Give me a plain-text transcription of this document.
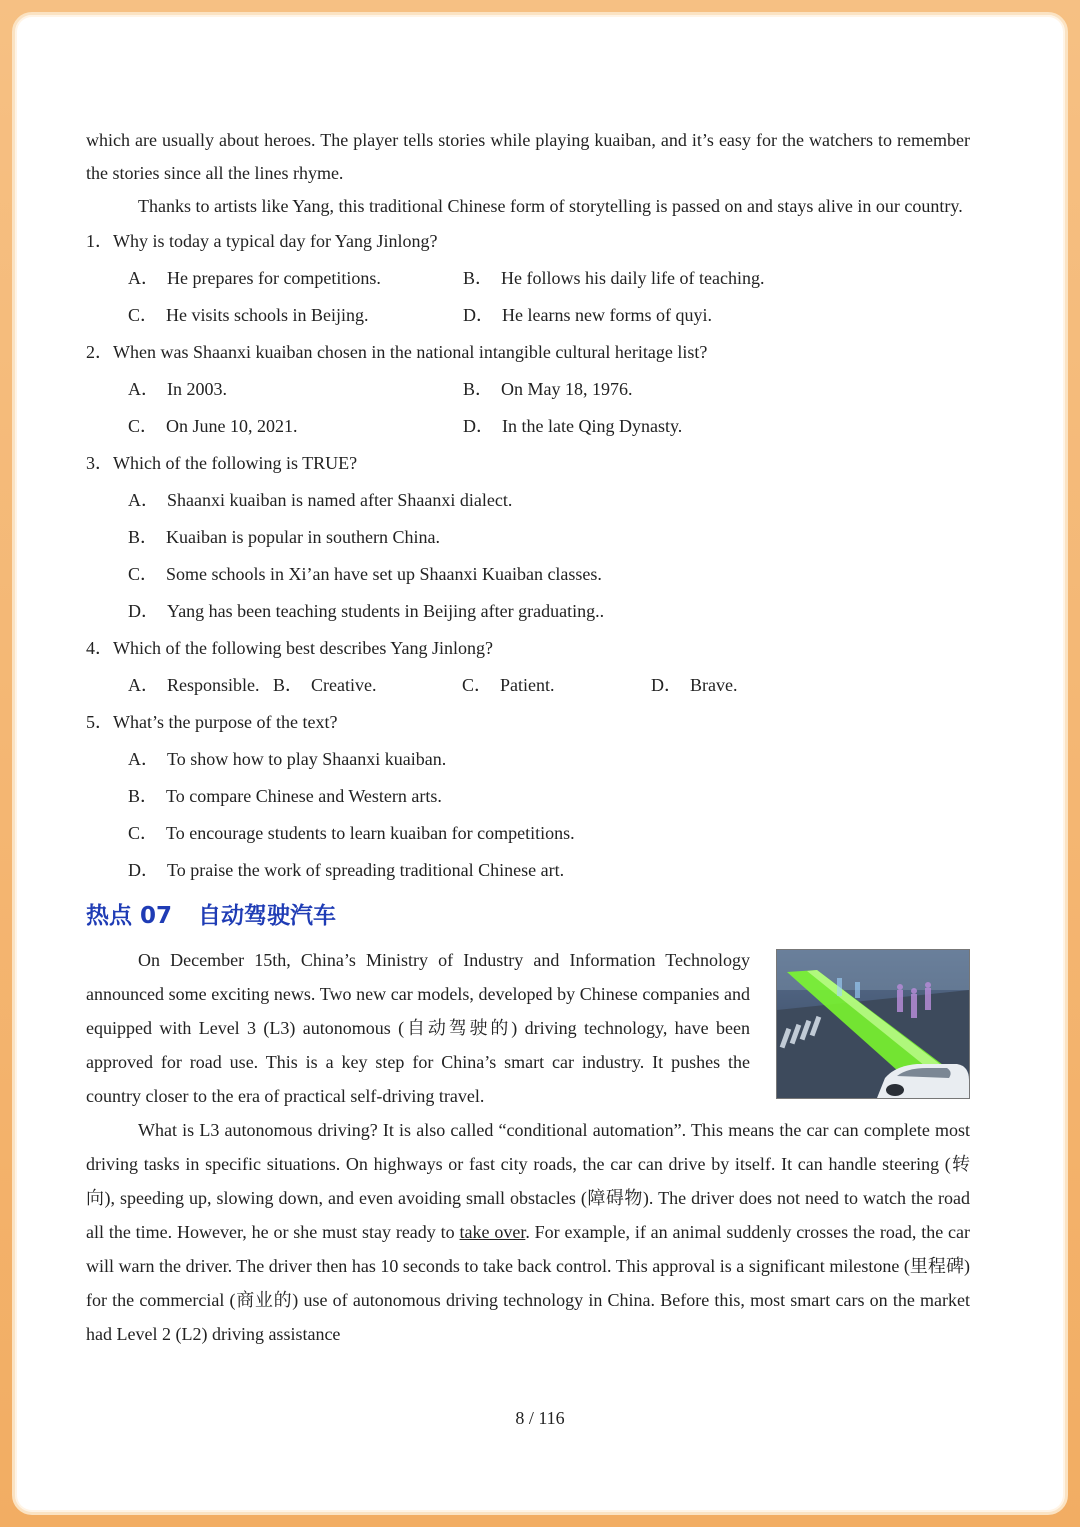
which are usually about heroes. The player tells stories while playing kuaiban, and it’s easy for the watchers to remember the stories since all the lines rhyme.

Thanks to artists like Yang, this traditional Chinese form of storytelling is passed on and stays alive in our country.

1．Why is today a typical day for Yang Jinlong?

A． He prepares for competitions.	B． He follows his daily life of teaching.
C． He visits schools in Beijing.	D． He learns new forms of quyi.

2．When was Shaanxi kuaiban chosen in the national intangible cultural heritage list?

A． In 2003.	B． On May 18, 1976.
C． On June 10, 2021.	D． In the late Qing Dynasty.

3．Which of the following is TRUE?

A． Shaanxi kuaiban is named after Shaanxi dialect.
B． Kuaiban is popular in southern China.
C． Some schools in Xi’an have set up Shaanxi Kuaiban classes.
D． Yang has been teaching students in Beijing after graduating..

4．Which of the following best describes Yang Jinlong?

A． Responsible. B． Creative.	C． Patient.	D． Brave.

5．What’s the purpose of the text?

A． To show how to play Shaanxi kuaiban.
B． To compare Chinese and Western arts.
C． To encourage students to learn kuaiban for competitions.
D． To praise the work of spreading traditional Chinese art.
热点 07 自动驾驶汽车

On December 15th, China’s Ministry of Industry and Information Technology announced some exciting news. Two new car models, developed by Chinese companies and equipped with Level 3 (L3) autonomous (自动驾驶的) driving technology, have been approved for road use. This is a key step for China’s smart car industry. It pushes the country closer to the era of practical self-driving travel.

What is L3 autonomous driving? It is also called “conditional automation”. This means the car can complete most driving tasks in specific situations. On highways or fast city roads, the car can drive by itself. It can handle steering (转向), speeding up, slowing down, and even avoiding small obstacles (障碍物). The driver does not need to watch the road all the time. However, he or she must stay ready to take over. For example, if an animal suddenly crosses the road, the car will warn the driver. The driver then has 10 seconds to take back control. This approval is a significant milestone (里程碑) for the commercial (商业的) use of autonomous driving technology in China. Before this, most smart cars on the market had Level 2 (L2) driving assistance

8 / 116
